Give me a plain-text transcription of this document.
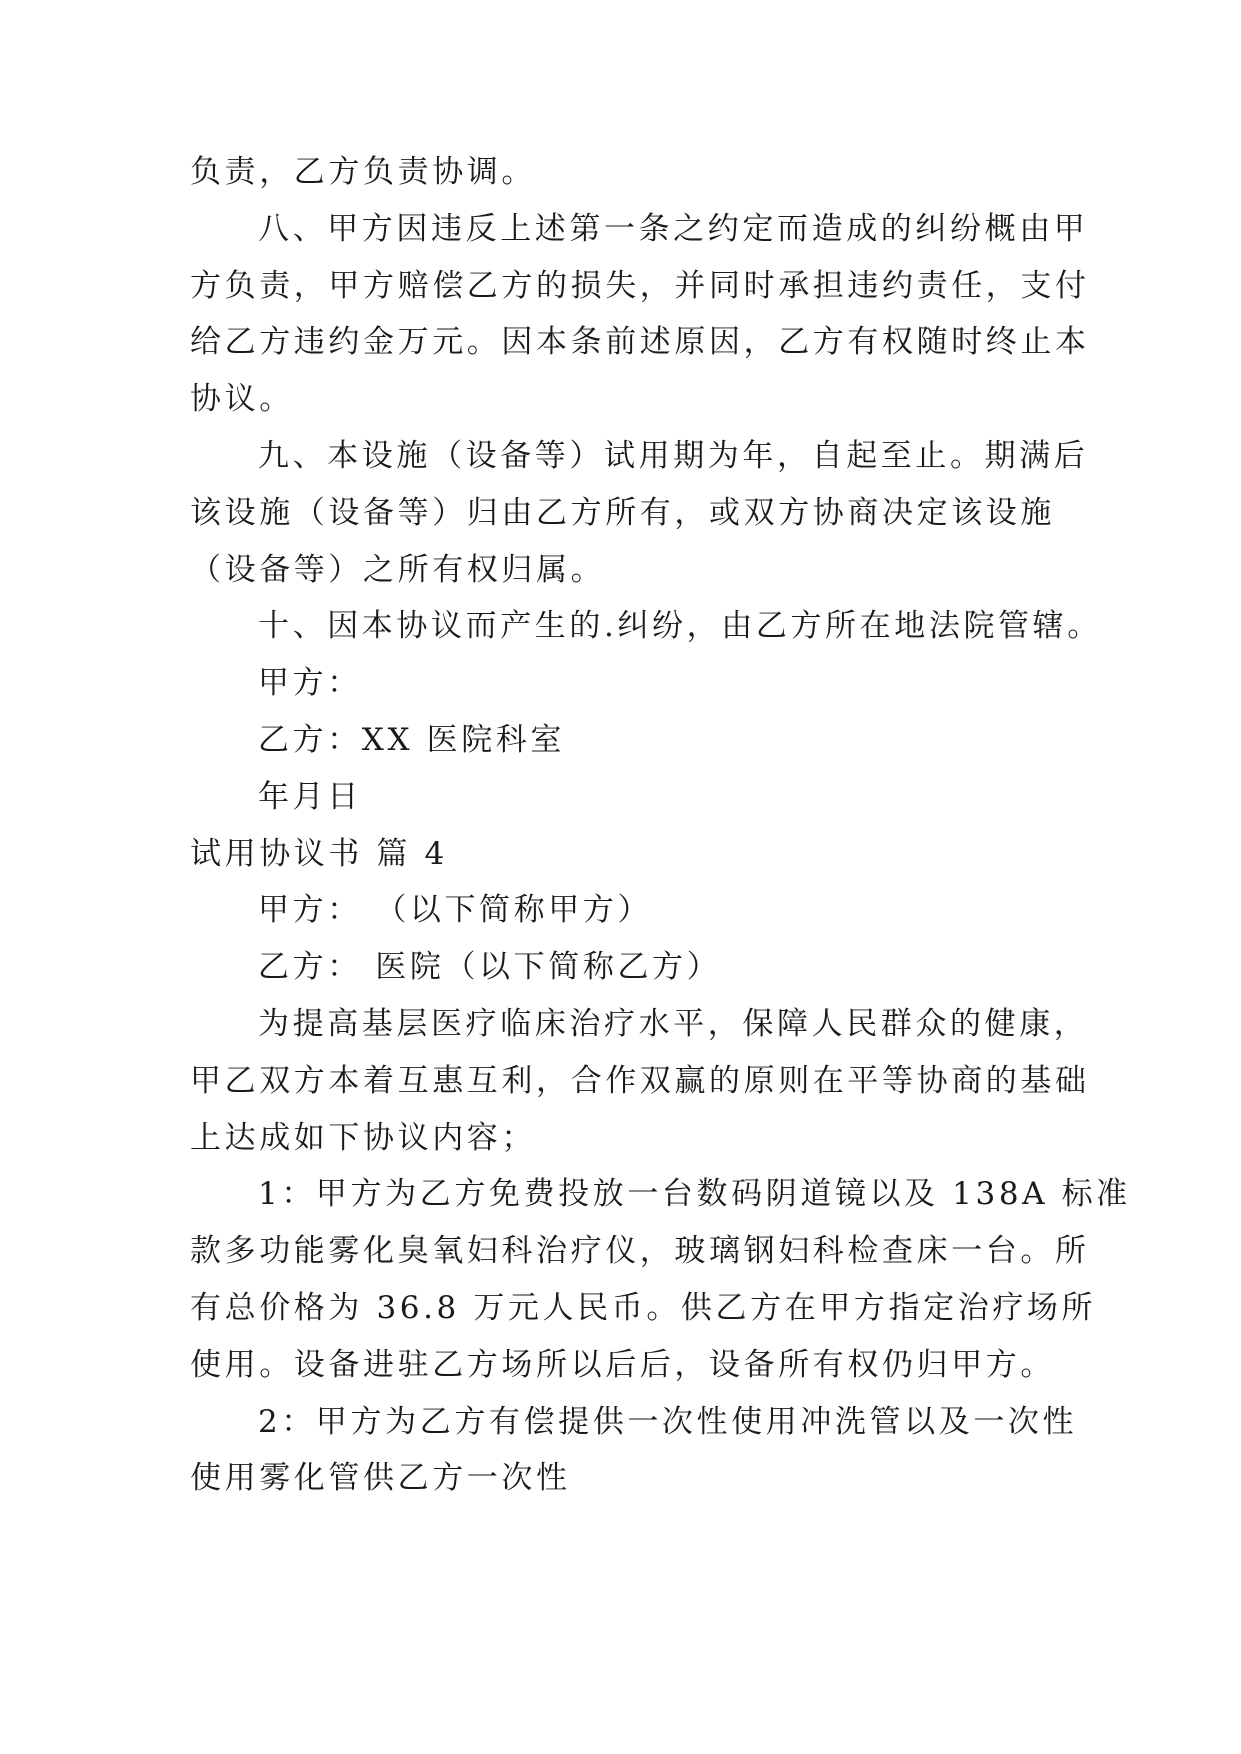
负责，乙方负责协调。
八、甲方因违反上述第一条之约定而造成的纠纷概由甲
方负责，甲方赔偿乙方的损失，并同时承担违约责任，支付
给乙方违约金万元。因本条前述原因，乙方有权随时终止本
协议。
九、本设施（设备等）试用期为年，自起至止。期满后
该设施（设备等）归由乙方所有，或双方协商决定该设施
（设备等）之所有权归属。
十、因本协议而产生的.纠纷，由乙方所在地法院管辖。
甲方：
乙方：XX 医院科室
年月日
试用协议书 篇 4
甲方： （以下简称甲方）
乙方： 医院（以下简称乙方）
为提高基层医疗临床治疗水平，保障人民群众的健康，
甲乙双方本着互惠互利，合作双赢的原则在平等协商的基础
上达成如下协议内容；
1：甲方为乙方免费投放一台数码阴道镜以及 138A 标准
款多功能雾化臭氧妇科治疗仪，玻璃钢妇科检查床一台。所
有总价格为 36.8 万元人民币。供乙方在甲方指定治疗场所
使用。设备进驻乙方场所以后后，设备所有权仍归甲方。
2：甲方为乙方有偿提供一次性使用冲洗管以及一次性
使用雾化管供乙方一次性
